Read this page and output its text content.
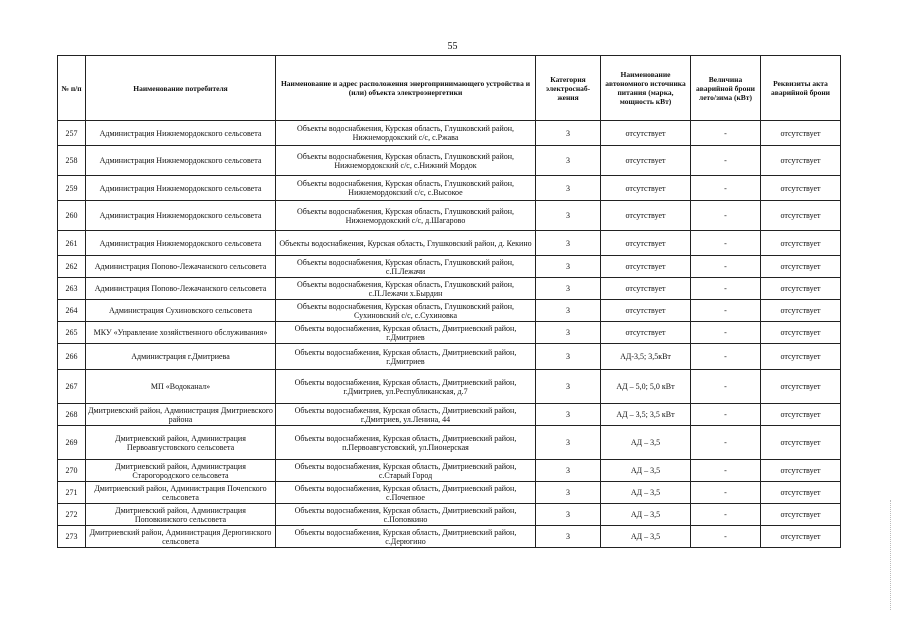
55
№ п/п	Наименование потребителя	Наименование и адрес расположения энергопринимающего устройства и (или) объекта электроэнергетики	Категория электроснаб-жения	Наименование автономного источника питания (марка, мощность кВт)	Величина аварийной брони лето/зима (кВт)	Реквизиты акта аварийной брони
257	Администрация Нижнемордокского сельсовета	Объекты водоснабжения, Курская область, Глушковский район, Нижнемордокский с/с, с.Ржава	3	отсутствует	-	отсутствует
258	Администрация Нижнемордокского сельсовета	Объекты водоснабжения, Курская область, Глушковский район, Нижнемордокский с/с, с.Нижний Мордок	3	отсутствует	-	отсутствует
259	Администрация Нижнемордокского сельсовета	Объекты водоснабжения, Курская область, Глушковский район, Нижнемордокский с/с, с.Высокое	3	отсутствует	-	отсутствует
260	Администрация Нижнемордокского сельсовета	Объекты водоснабжения, Курская область, Глушковский район, Нижнемордокский с/с, д.Шагарово	3	отсутствует	-	отсутствует
261	Администрация Нижнемордокского сельсовета	Объекты водоснабжения, Курская область, Глушковский район, д. Кекино	3	отсутствует	-	отсутствует
262	Администрация Попово-Лежачанского сельсовета	Объекты водоснабжения, Курская область, Глушковский район, с.П.Лежачи	3	отсутствует	-	отсутствует
263	Администрация Попово-Лежачанского сельсовета	Объекты водоснабжения, Курская область, Глушковский район, с.П.Лежачи х.Бырдин	3	отсутствует	-	отсутствует
264	Администрация Сухиновского сельсовета	Объекты водоснабжения, Курская область, Глушковский район, Сухиновский с/с, с.Сухиновка	3	отсутствует	-	отсутствует
265	МКУ «Управление хозяйственного обслуживания»	Объекты водоснабжения, Курская область, Дмитриевский район, г.Дмитриев	3	отсутствует	-	отсутствует
266	Администрация г.Дмитриева	Объекты водоснабжения, Курская область, Дмитриевский район, г.Дмитриев	3	АД-3,5; 3,5кВт	-	отсутствует
267	МП «Водоканал»	Объекты водоснабжения, Курская область, Дмитриевский район, г.Дмитриев, ул.Республиканская, д.7	3	АД – 5,0; 5,0 кВт	-	отсутствует
268	Дмитриевский район, Администрация Дмитриевского района	Объекты водоснабжения, Курская область, Дмитриевский район, г.Дмитриев, ул.Ленина, 44	3	АД – 3,5; 3,5 кВт	-	отсутствует
269	Дмитриевский район, Администрация Первоавгустовского сельсовета	Объекты водоснабжения, Курская область, Дмитриевский район, п.Первоавгустовский, ул.Пионерская	3	АД – 3,5	-	отсутствует
270	Дмитриевский район, Администрация Старогородского сельсовета	Объекты водоснабжения, Курская область, Дмитриевский район, с.Старый Город	3	АД – 3,5	-	отсутствует
271	Дмитриевский район, Администрация Почепского сельсовета	Объекты водоснабжения, Курская область, Дмитриевский район, с.Почепное	3	АД – 3,5	-	отсутствует
272	Дмитриевский район, Администрация Поповкинского сельсовета	Объекты водоснабжения, Курская область, Дмитриевский район, с.Поповкино	3	АД – 3,5	-	отсутствует
273	Дмитриевский район, Администрация Дерюгинского сельсовета	Объекты водоснабжения, Курская область, Дмитриевский район, с.Дерюгино	3	АД – 3,5	-	отсутствует
